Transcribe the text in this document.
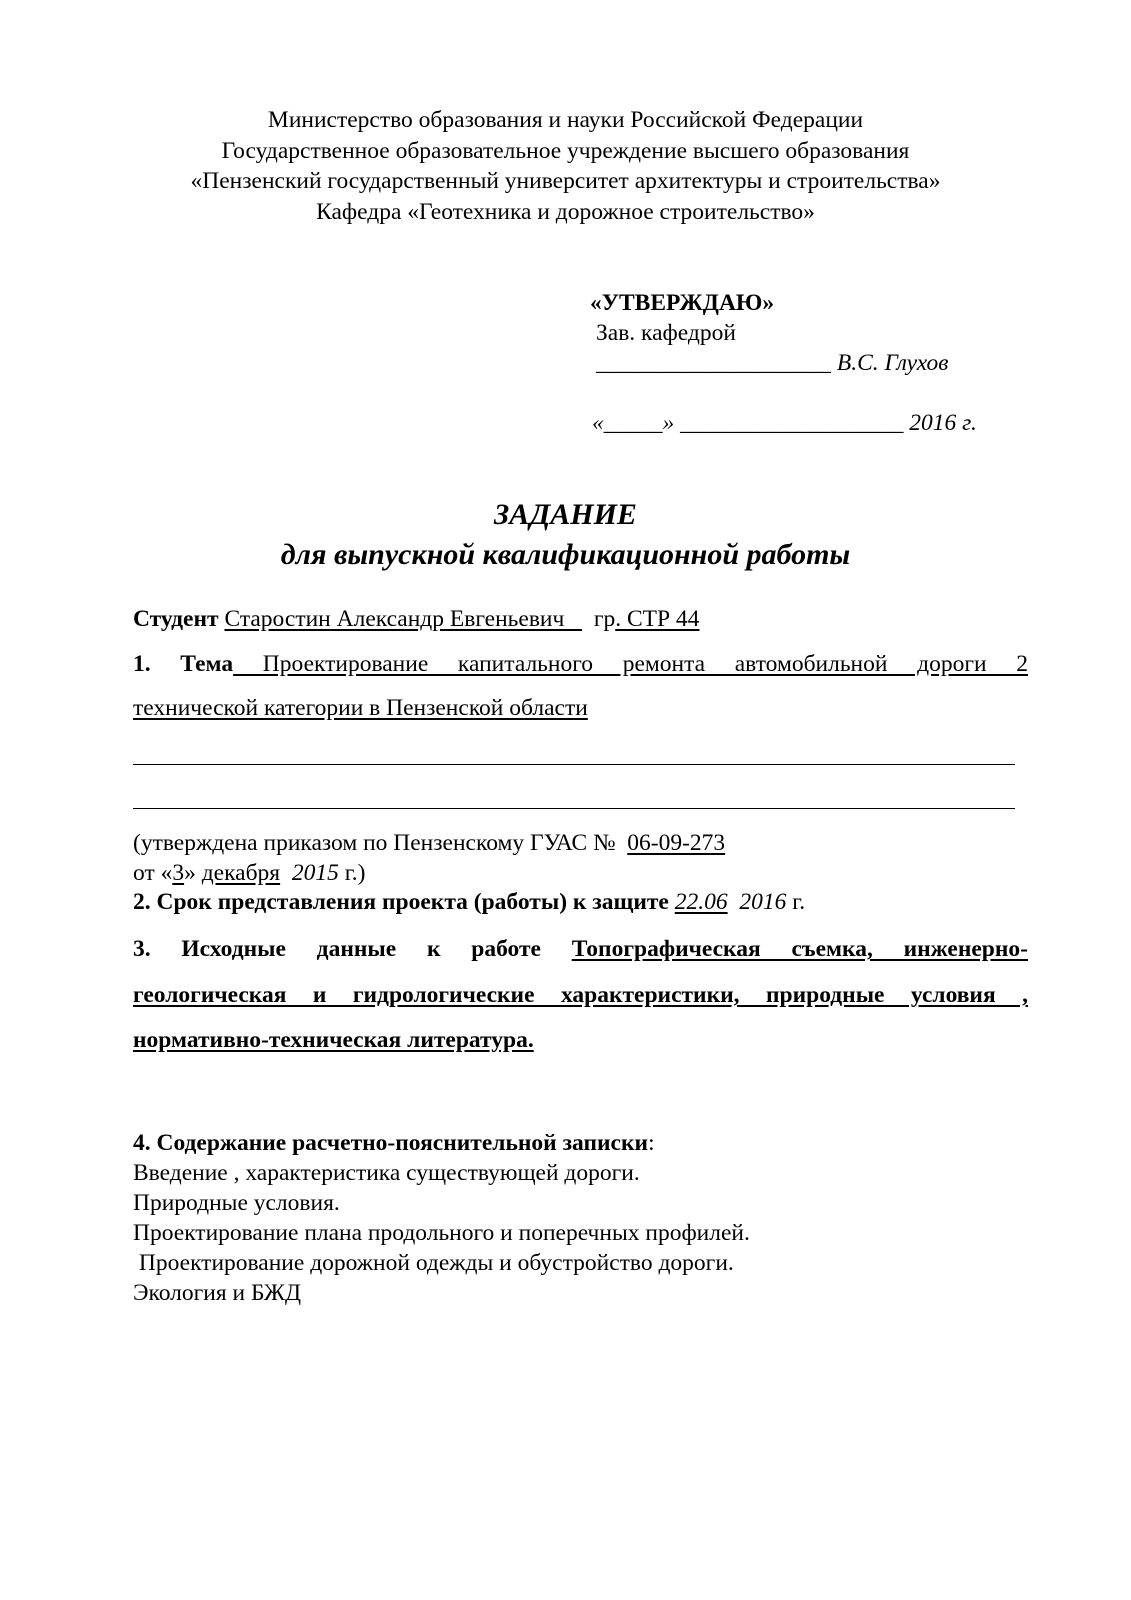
Министерство образования и науки Российской Федерации
Государственное образовательное учреждение высшего образования
«Пензенский государственный университет архитектуры и строительства»
Кафедра «Геотехника и дорожное строительство»
«УТВЕРЖДАЮ»
Зав. кафедрой
____________________ В.С. Глухов
«_____» ___________________ 2016 г.
ЗАДАНИЕ
для выпускной квалификационной работы
Студент Старостин Александр Евгеньевич    гр. СТР 44
1. Тема Проектирование капитального ремонта автомобильной дороги 2
технической категории в Пензенской области
(утверждена приказом по Пензенскому ГУАС №  06-09-273
от «3» декабря 2015 г.)
2. Срок представления проекта (работы) к защите 22.06 2016 г.
3. Исходные данные к работе Топографическая съемка, инженерно-
геологическая и гидрологические характеристики, природные условия ,
нормативно-техническая литература.
4. Содержание расчетно-пояснительной записки:
Введение , характеристика существующей дороги.
Природные условия.
Проектирование плана продольного и поперечных профилей.
Проектирование дорожной одежды и обустройство дороги.
Экология и БЖД
